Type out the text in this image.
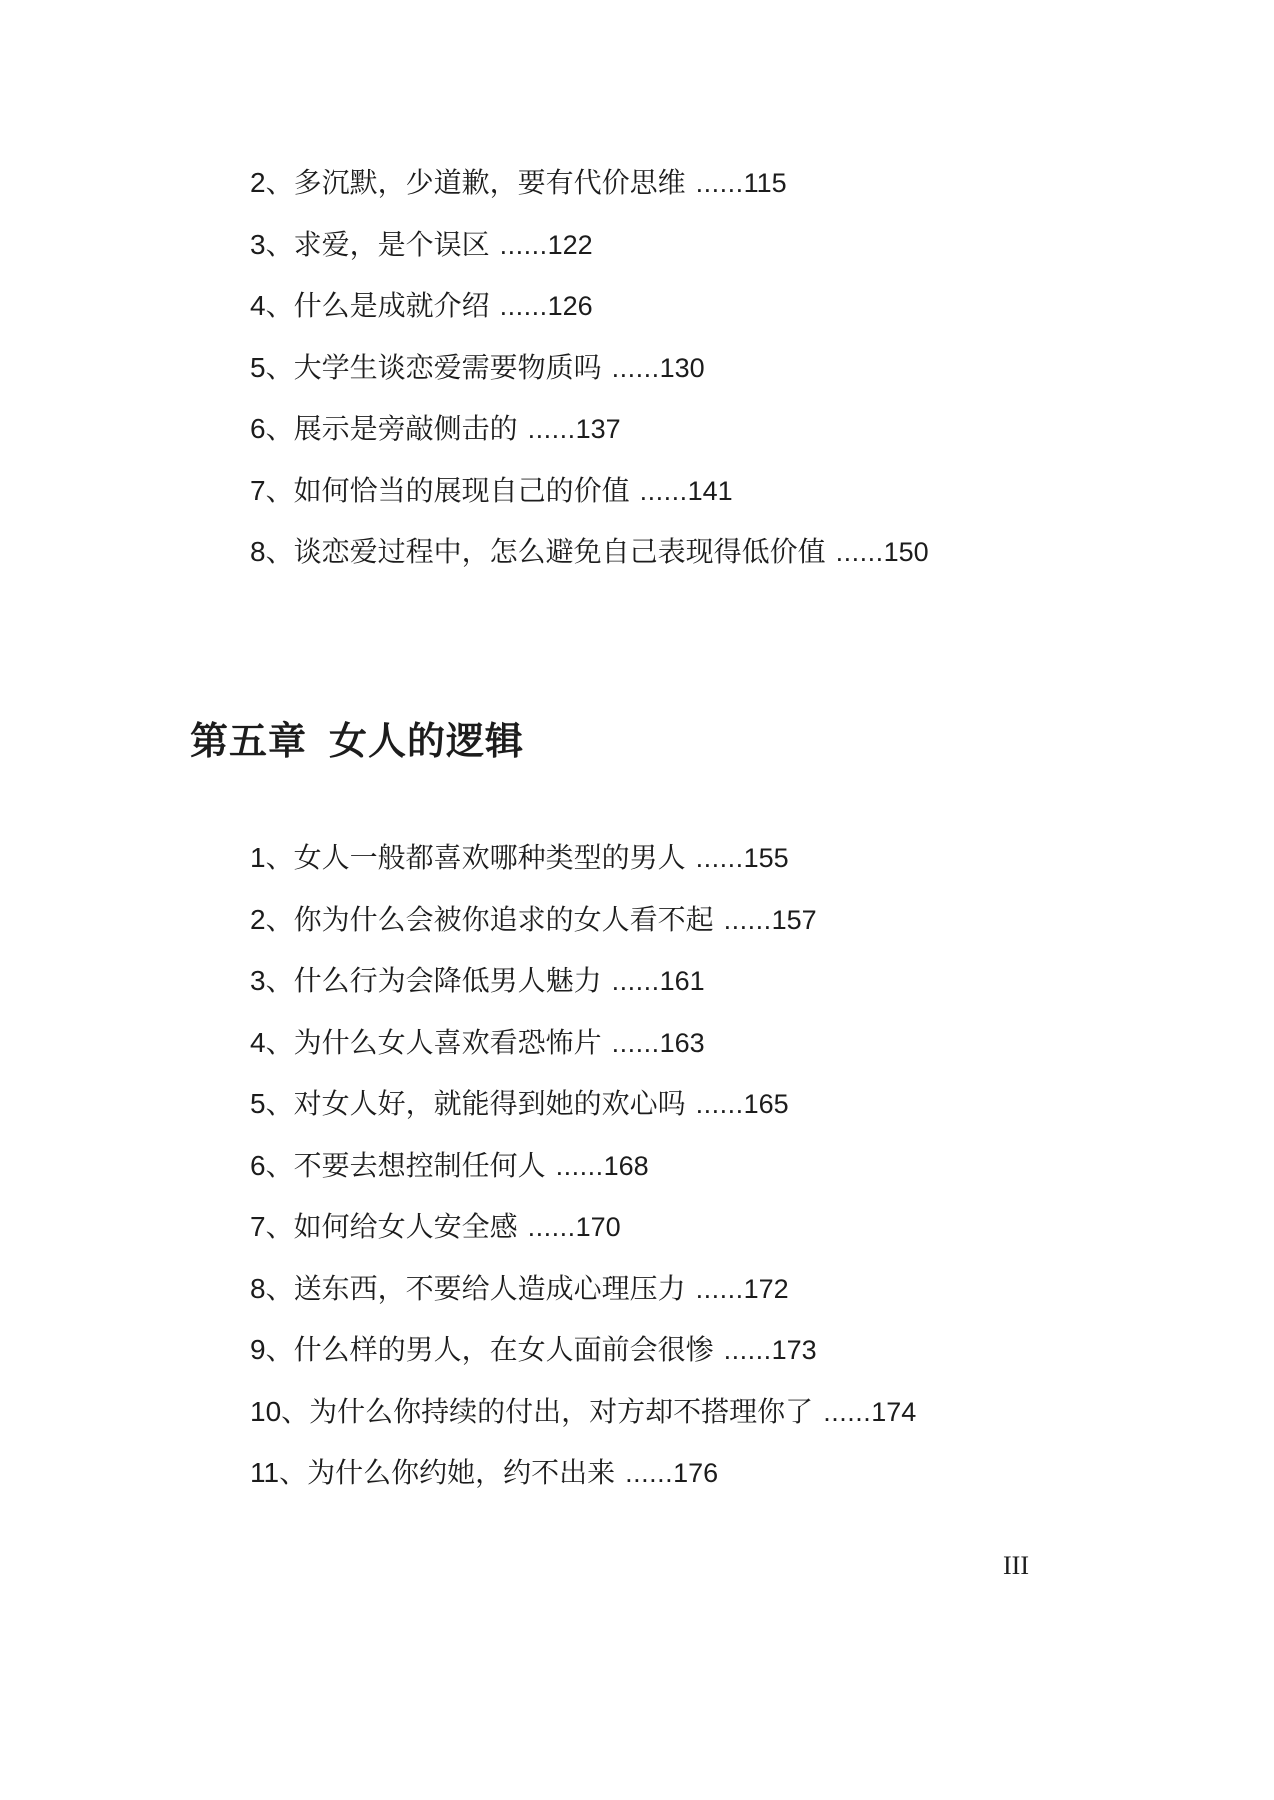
2、多沉默，少道歉，要有代价思维 ......115
3、求爱，是个误区 ......122
4、什么是成就介绍 ......126
5、大学生谈恋爱需要物质吗 ......130
6、展示是旁敲侧击的 ......137
7、如何恰当的展现自己的价值 ......141
8、谈恋爱过程中，怎么避免自己表现得低价值 ......150
第五章 女人的逻辑
1、女人一般都喜欢哪种类型的男人 ......155
2、你为什么会被你追求的女人看不起 ......157
3、什么行为会降低男人魅力 ......161
4、为什么女人喜欢看恐怖片 ......163
5、对女人好，就能得到她的欢心吗 ......165
6、不要去想控制任何人 ......168
7、如何给女人安全感 ......170
8、送东西，不要给人造成心理压力 ......172
9、什么样的男人，在女人面前会很惨 ......173
10、为什么你持续的付出，对方却不搭理你了 ......174
11、为什么你约她，约不出来 ......176
III
